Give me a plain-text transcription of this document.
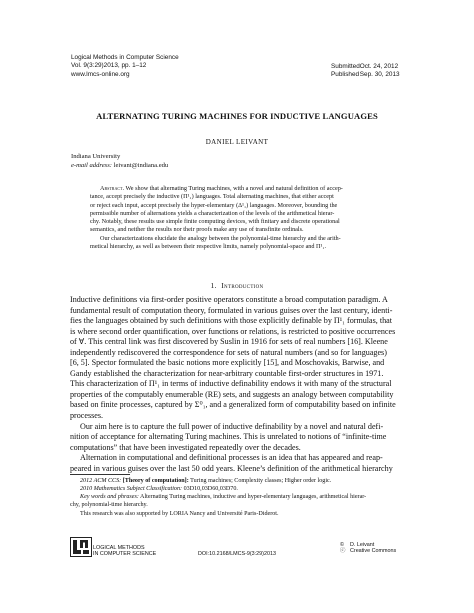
Logical Methods in Computer Science
Vol. 9(3:29)2013, pp. 1–12
www.lmcs-online.org
Submitted Oct. 24, 2012
Published Sep. 30, 2013
ALTERNATING TURING MACHINES FOR INDUCTIVE LANGUAGES
DANIEL LEIVANT
Indiana University
e-mail address: leivant@indiana.edu
Abstract. We show that alternating Turing machines, with a novel and natural definition of accep-
tance, accept precisely the inductive (Π¹₁) languages. Total alternating machines, that either accept
or reject each input, accept precisely the hyper-elementary (Δ¹₁) languages. Moreover, bounding the
permissible number of alternations yields a characterization of the levels of the arithmetical hierar-
chy. Notably, these results use simple finite computing devices, with finitary and discrete operational
semantics, and neither the results nor their proofs make any use of transfinite ordinals.
Our characterizations elucidate the analogy between the polynomial-time hierarchy and the arith-
metical hierarchy, as well as between their respective limits, namely polynomial-space and Π¹₁.
1. Introduction
Inductive definitions via first-order positive operators constitute a broad computation paradigm. A
fundamental result of computation theory, formulated in various guises over the last century, identi-
fies the languages obtained by such definitions with those explicitly definable by Π¹₁ formulas, that
is where second order quantification, over functions or relations, is restricted to positive occurrences
of ∀. This central link was first discovered by Suslin in 1916 for sets of real numbers [16]. Kleene
independently rediscovered the correspondence for sets of natural numbers (and so for languages)
[6, 5]. Spector formulated the basic notions more explicitly [15], and Moschovakis, Barwise, and
Gandy established the characterization for near-arbitrary countable first-order structures in 1971.
This characterization of Π¹₁ in terms of inductive definability endows it with many of the structural
properties of the computably enumerable (RE) sets, and suggests an analogy between computability
based on finite processes, captured by Σ⁰₁, and a generalized form of computability based on infinite
processes.
Our aim here is to capture the full power of inductive definability by a novel and natural defi-
nition of acceptance for alternating Turing machines. This is unrelated to notions of “infinite-time
computations” that have been investigated repeatedly over the decades.
Alternation in computational and definitional processes is an idea that has appeared and reap-
peared in various guises over the last 50 odd years. Kleene’s definition of the arithmetical hierarchy
2012 ACM CCS: [Theory of computation]: Turing machines; Complexity classes; Higher order logic.
2010 Mathematics Subject Classification: 03D10,03D60,03D70.
Key words and phrases: Alternating Turing machines, inductive and hyper-elementary languages, arithmetical hierar-
chy, polynomial-time hierarchy.
This research was also supported by LORIA Nancy and Université Paris-Diderot.
LOGICAL METHODS
IN COMPUTER SCIENCE	DOI:10.2168/LMCS-9(3:29)2013
© D. Leivant
ⓒ Creative Commons
